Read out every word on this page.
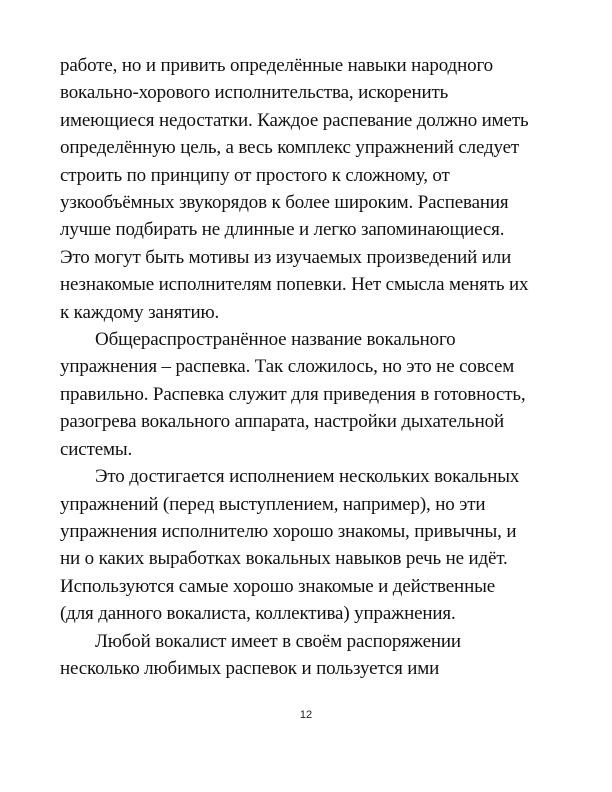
работе, но и привить определённые навыки народного
вокально-хорового исполнительства, искоренить
имеющиеся недостатки. Каждое распевание должно иметь
определённую цель, а весь комплекс упражнений следует
строить по принципу от простого к сложному, от
узкообъёмных звукорядов к более широким. Распевания
лучше подбирать не длинные и легко запоминающиеся.
Это могут быть мотивы из изучаемых произведений или
незнакомые исполнителям попевки. Нет смысла менять их
к каждому занятию.

Общераспространённое название вокального
упражнения – распевка. Так сложилось, но это не совсем
правильно. Распевка служит для приведения в готовность,
разогрева вокального аппарата, настройки дыхательной
системы.

Это достигается исполнением нескольких вокальных
упражнений (перед выступлением, например), но эти
упражнения исполнителю хорошо знакомы, привычны, и
ни о каких выработках вокальных навыков речь не идёт.
Используются самые хорошо знакомые и действенные
(для данного вокалиста, коллектива) упражнения.

Любой вокалист имеет в своём распоряжении
несколько любимых распевок и пользуется ими

12
